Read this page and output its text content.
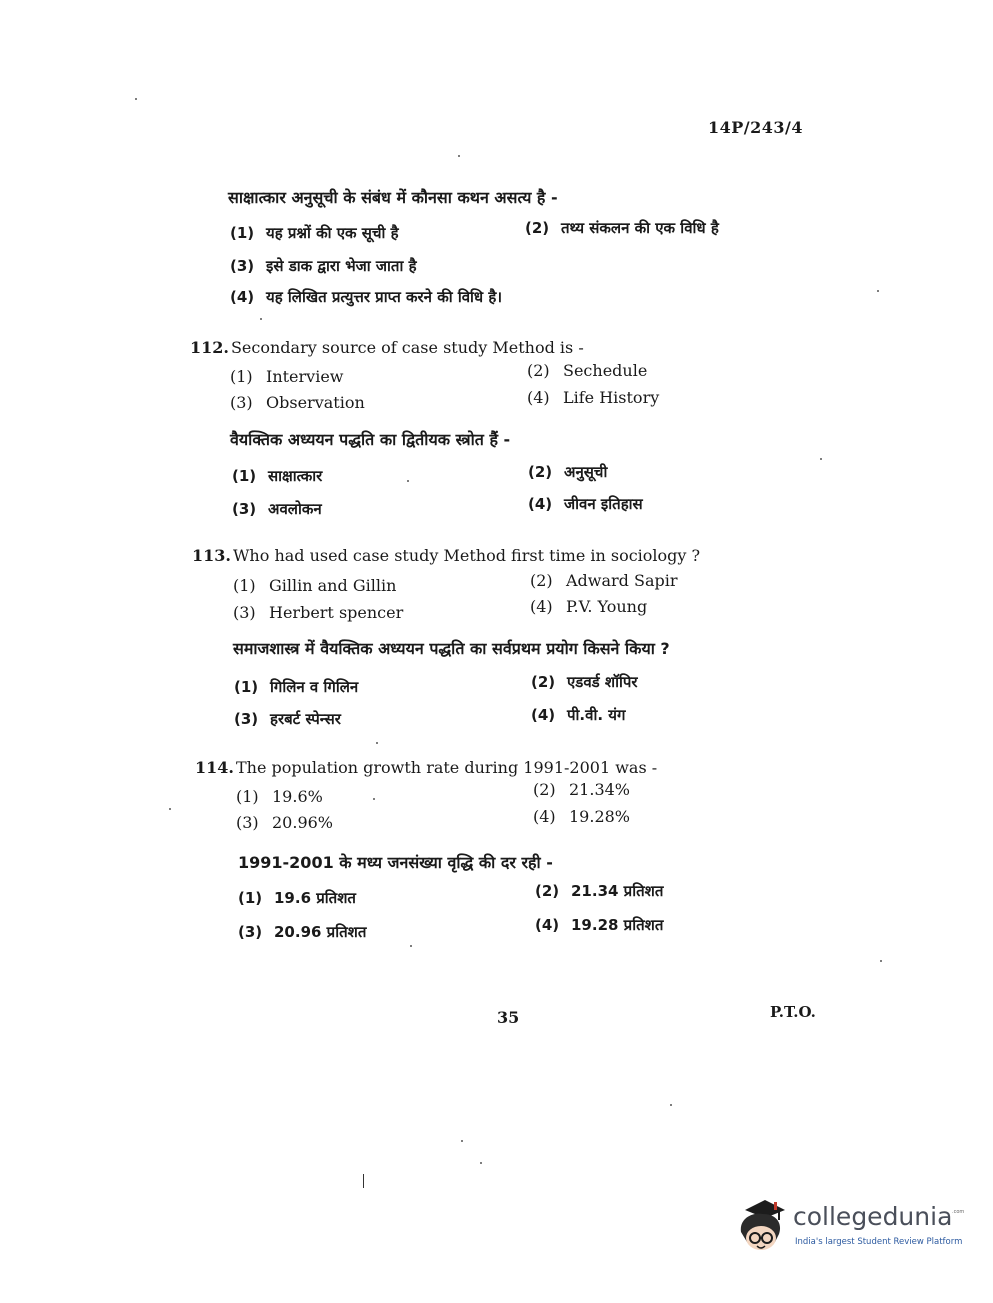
14P/243/4
साक्षात्कार अनुसूची के संबंध में कौनसा कथन असत्य है -
(1) यह प्रश्नों की एक सूची है	(2) तथ्य संकलन की एक विधि है
(3) इसे डाक द्वारा भेजा जाता है
(4) यह लिखित प्रत्युत्तर प्राप्त करने की विधि है।
112. Secondary source of case study Method is -
(1) Interview	(2) Sechedule
(3) Observation	(4) Life History
वैयक्तिक अध्ययन पद्धति का द्वितीयक स्त्रोत हैं -
(1) साक्षात्कार	(2) अनुसूची
(3) अवलोकन	(4) जीवन इतिहास
113. Who had used case study Method first time in sociology ?
(1) Gillin and Gillin	(2) Adward Sapir
(3) Herbert spencer	(4) P.V. Young
समाजशास्त्र में वैयक्तिक अध्ययन पद्धति का सर्वप्रथम प्रयोग किसने किया ?
(1) गिलिन व गिलिन	(2) एडवर्ड शॉपिर
(3) हरबर्ट स्पेन्सर	(4) पी.वी. यंग
114. The population growth rate during 1991-2001 was -
(1) 19.6%	(2) 21.34%
(3) 20.96%	(4) 19.28%
1991-2001 के मध्य जनसंख्या वृद्धि की दर रही -
(1) 19.6 प्रतिशत	(2) 21.34 प्रतिशत
(3) 20.96 प्रतिशत	(4) 19.28 प्रतिशत
35	P.T.O.
collegedunia .com
India's largest Student Review Platform
